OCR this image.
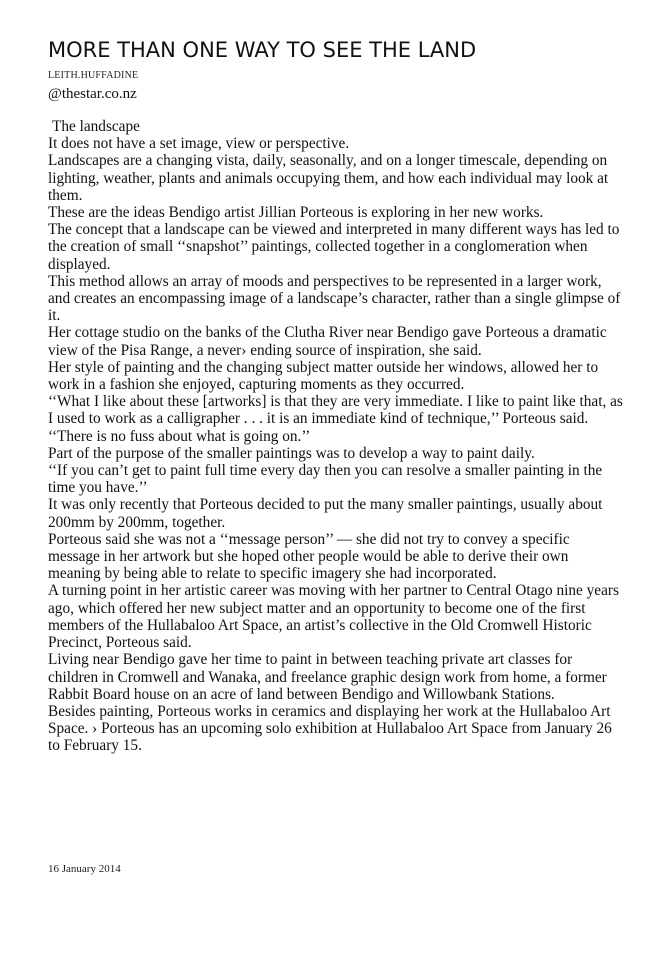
MORE THAN ONE WAY TO SEE THE LAND
LEITH.HUFFADINE
@thestar.co.nz

The landscape

It does not have a set image, view or perspective.

Landscapes are a changing vista, daily, seasonally, and on a longer timescale, depending on lighting, weather, plants and animals occupying them, and how each individual may look at them.

These are the ideas Bendigo artist Jillian Porteous is exploring in her new works.

The concept that a landscape can be viewed and interpreted in many different ways has led to the creation of small ‘‘snapshot’’ paintings, collected together in a conglomeration when displayed.

This method allows an array of moods and perspectives to be represented in a larger work, and creates an encompassing image of a landscape’s character, rather than a single glimpse of it.

Her cottage studio on the banks of the Clutha River near Bendigo gave Porteous a dramatic view of the Pisa Range, a never› ending source of inspiration, she said.

Her style of painting and the changing subject matter outside her windows, allowed her to work in a fashion she enjoyed, capturing moments as they occurred.

‘‘What I like about these [artworks] is that they are very immediate. I like to paint like that, as I used to work as a calligrapher . . . it is an immediate kind of technique,’’ Porteous said.

‘‘There is no fuss about what is going on.’’

Part of the purpose of the smaller paintings was to develop a way to paint daily.

‘‘If you can’t get to paint full time every day then you can resolve a smaller painting in the time you have.’’

It was only recently that Porteous decided to put the many smaller paintings, usually about 200mm by 200mm, together.

Porteous said she was not a ‘‘message person’’ — she did not try to convey a specific message in her artwork but she hoped other people would be able to derive their own meaning by being able to relate to specific imagery she had incorporated.

A turning point in her artistic career was moving with her partner to Central Otago nine years ago, which offered her new subject matter and an opportunity to become one of the first members of the Hullabaloo Art Space, an artist’s collective in the Old Cromwell Historic Precinct, Porteous said.

Living near Bendigo gave her time to paint in between teaching private art classes for children in Cromwell and Wanaka, and freelance graphic design work from home, a former Rabbit Board house on an acre of land between Bendigo and Willowbank Stations.

Besides painting, Porteous works in ceramics and displaying her work at the Hullabaloo Art Space. › Porteous has an upcoming solo exhibition at Hullabaloo Art Space from January 26 to February 15.

16 January 2014
